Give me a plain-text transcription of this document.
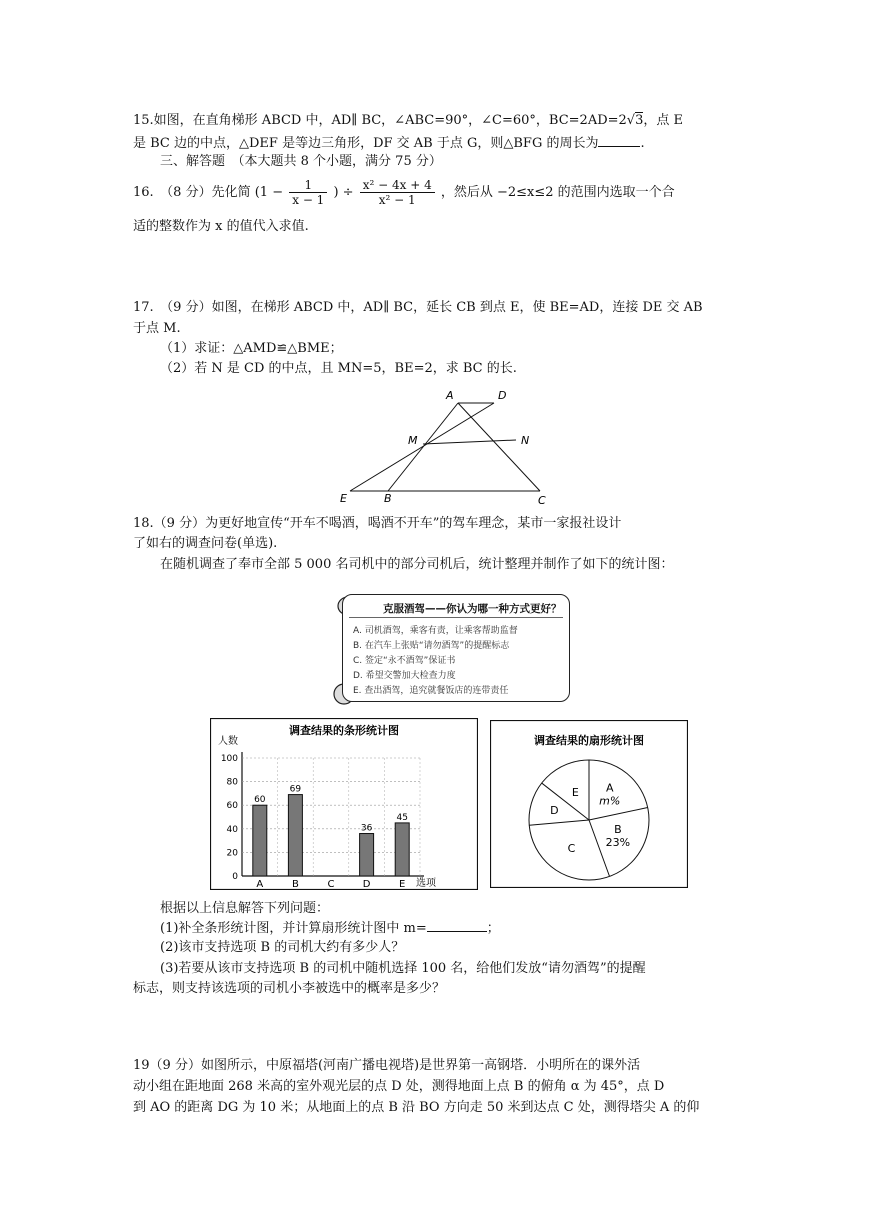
15.如图，在直角梯形 ABCD 中，AD∥ BC，∠ABC=90°，∠C=60°，BC=2AD=2√3，点 E
是 BC 边的中点，△DEF 是等边三角形，DF 交 AB 于点 G，则△BFG 的周长为	.
三、解答题　（本大题共 8 个小题，满分 75 分）
16.　（8 分）先化简 ($1 - \frac{1}{x - 1}$ ) ÷ $\frac{\text{x² − 4x + 4}}{\text{x² − 1}}$ ，然后从 −2≤x≤2 的范围内选取一个合
适的整数作为 x 的值代入求值.
17.　（9 分）如图，在梯形 ABCD 中，AD∥ BC，延长 CB 到点 E，使 BE=AD，连接 DE 交 AB
于点 M.
（1）求证：△AMD≌△BME；
（2）若 N 是 CD 的中点，且 MN=5，BE=2，求 BC 的长.
A	D
M	N
E	B	C
18.（9 分）为更好地宣传“开车不喝酒，喝酒不开车”的驾车理念，某市一家报社设计
了如右的调查问卷(单选).
在随机调查了奉市全部 5 000 名司机中的部分司机后，统计整理并制作了如下的统计图：
克服酒驾——你认为哪一种方式更好？
A. 司机酒驾，乘客有责，让乘客帮助监督
B. 在汽车上张贴“请勿酒驾”的提醒标志
C. 签定“永不酒驾”保证书
D. 希望交警加大检查力度
E. 查出酒驾，追究就餐饭店的连带责任
调查结果的条形统计图
人数
选项
0
20
40
60
80
100
60
69
36
45
A	B	C	D	E
调查结果的扇形统计图
A
m%
B
23%
C
D
E
根据以上信息解答下列问题：
(1)补全条形统计图，并计算扇形统计图中 m=	；
(2)该市支持选项 B 的司机大约有多少人？
(3)若要从该市支持选项 B 的司机中随机选择 100 名，给他们发放“请勿酒驾”的提醒
标志，则支持该选项的司机小李被选中的概率是多少？
19（9 分）如图所示，中原福塔(河南广播电视塔)是世界第一高钢塔．小明所在的课外活
动小组在距地面 268 米高的室外观光层的点 D 处，测得地面上点 B 的俯角 α 为 45°，点 D
到 AO 的距离 DG 为 10 米；从地面上的点 B 沿 BO 方向走 50 米到达点 C 处，测得塔尖 A 的仰
